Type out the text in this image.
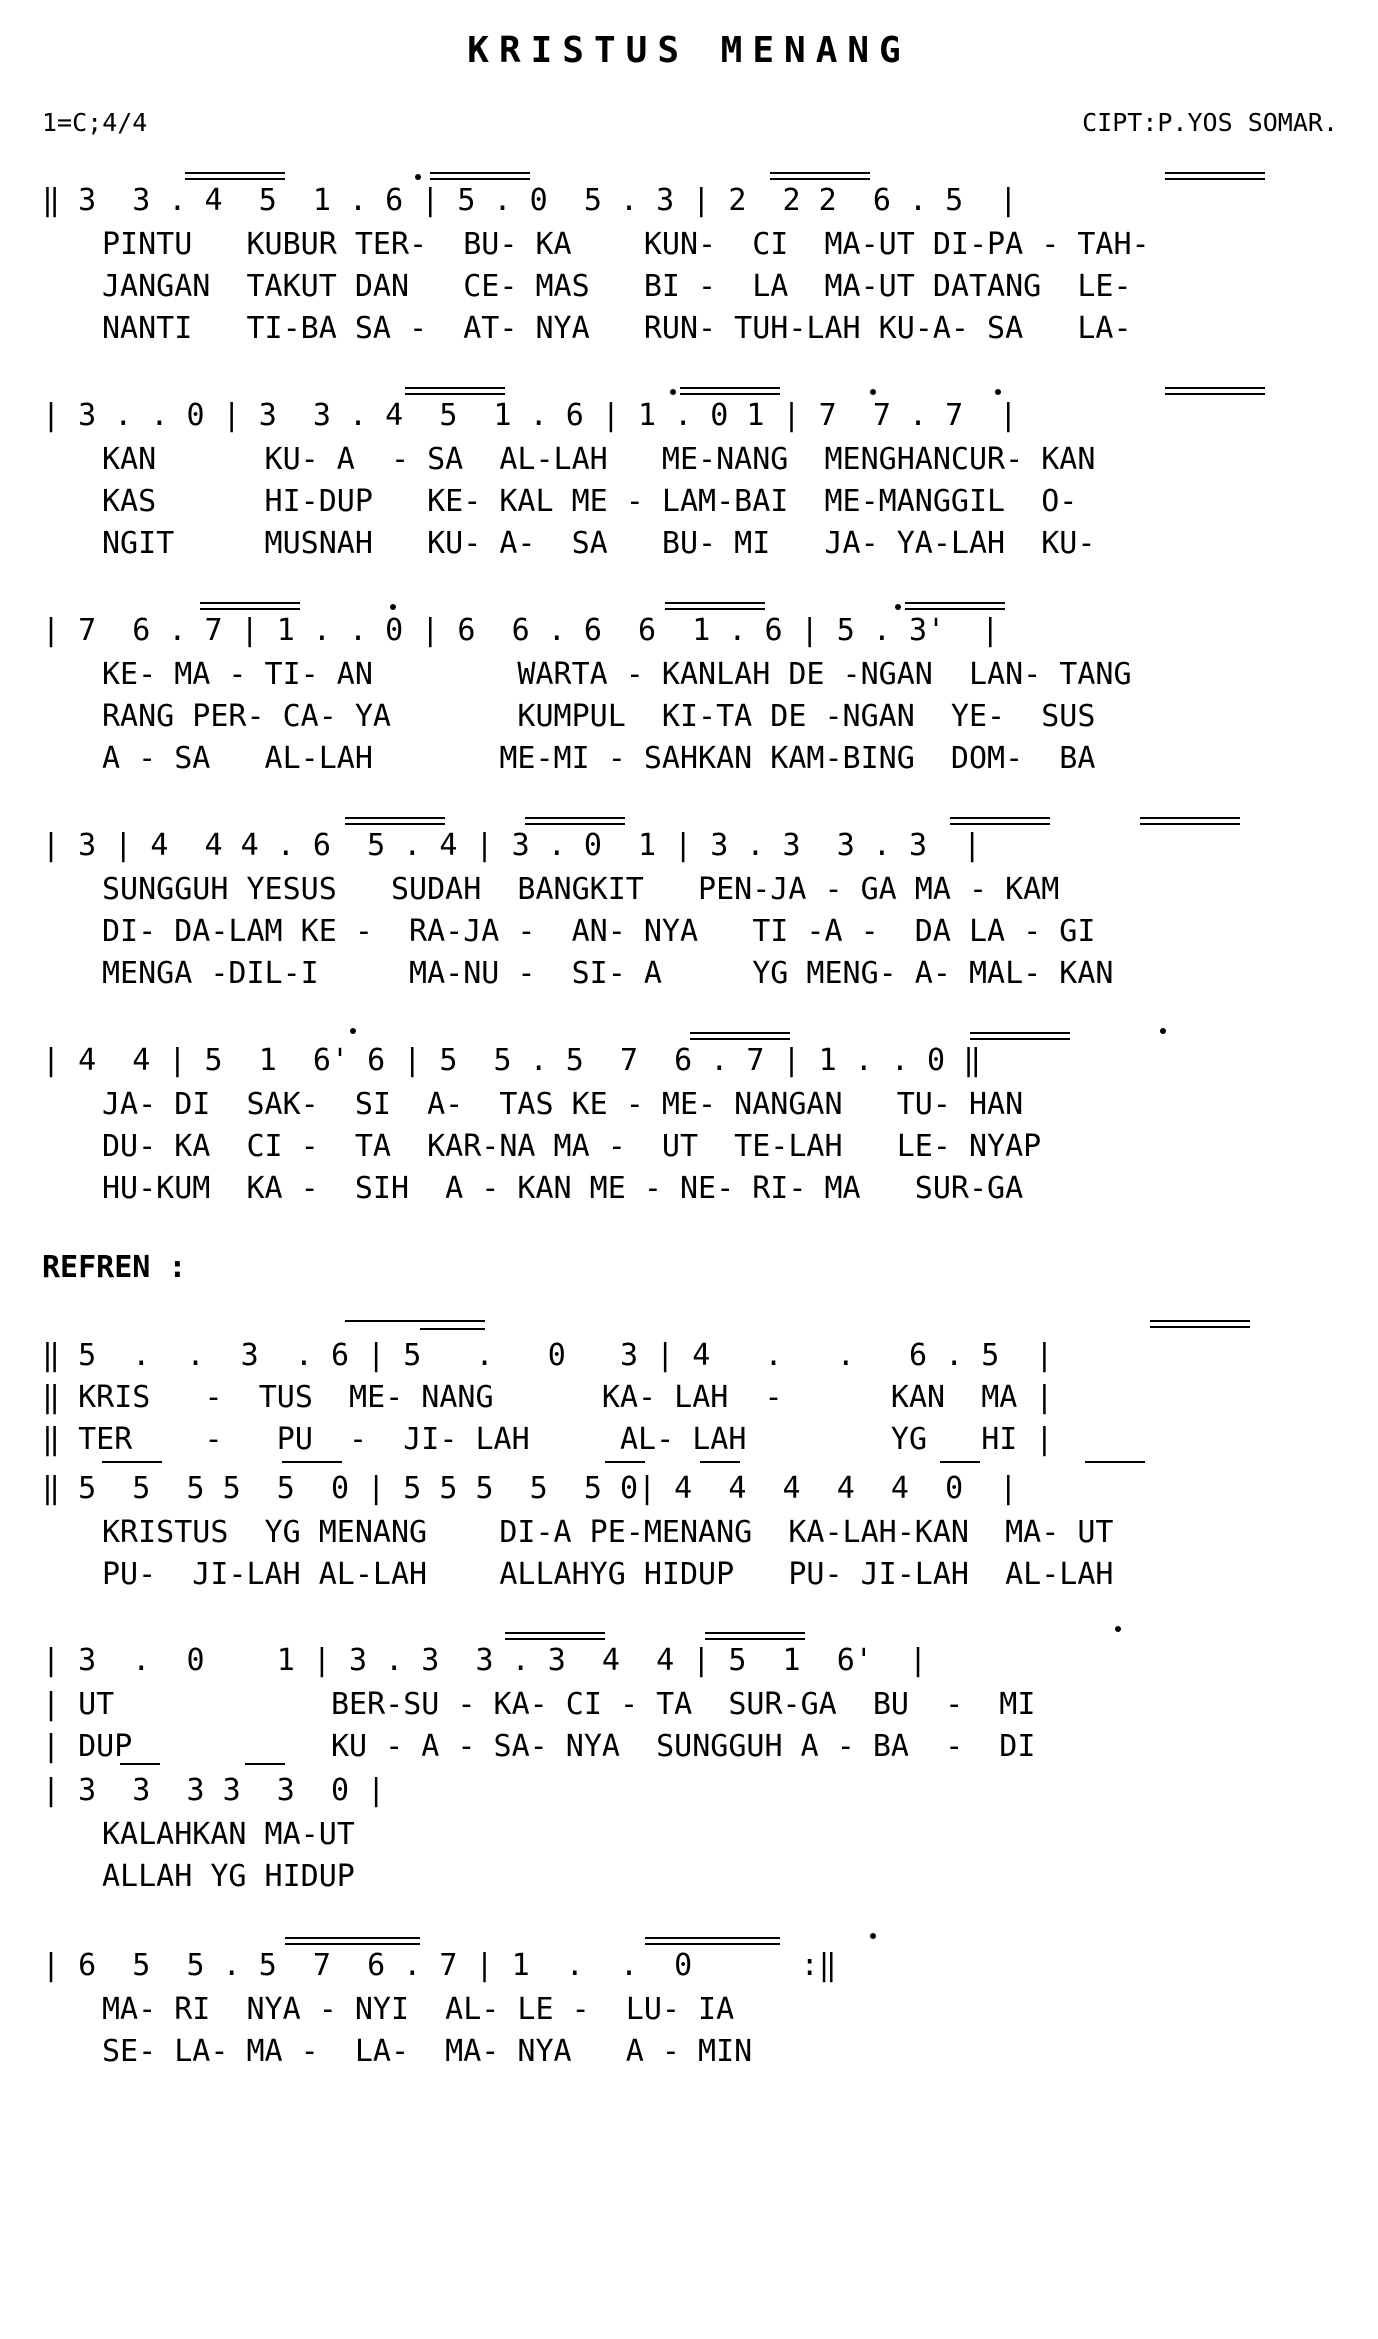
KRISTUS MENANG
1=C;4/4	CIPT:P.YOS SOMAR.
‖ 3  3 . 4  5  1 . 6 | 5 . 0  5 . 3 | 2  2 2  6 . 5  |
PINTU   KUBUR TER-  BU- KA    KUN-  CI  MA-UT DI-PA - TAH-
JANGAN  TAKUT DAN   CE- MAS   BI -  LA  MA-UT DATANG  LE-
NANTI   TI-BA SA -  AT- NYA   RUN- TUH-LAH KU-A- SA   LA-
| 3 . . 0 | 3  3 . 4  5  1 . 6 | 1 . 0 1 | 7  7 . 7  |
KAN      KU- A  - SA  AL-LAH   ME-NANG  MENGHANCUR- KAN
KAS      HI-DUP   KE- KAL ME - LAM-BAI  ME-MANGGIL  O-
NGIT     MUSNAH   KU- A-  SA   BU- MI   JA- YA-LAH  KU-
| 7  6 . 7 | 1 . . 0 | 6  6 . 6  6  1 . 6 | 5 . 3'  |
KE- MA - TI- AN        WARTA - KANLAH DE -NGAN  LAN- TANG
RANG PER- CA- YA       KUMPUL  KI-TA DE -NGAN  YE-  SUS
A - SA   AL-LAH       ME-MI - SAHKAN KAM-BING  DOM-  BA
| 3 | 4  4 4 . 6  5 . 4 | 3 . 0  1 | 3 . 3  3 . 3  |
SUNGGUH YESUS   SUDAH  BANGKIT   PEN-JA - GA MA - KAM
DI- DA-LAM KE -  RA-JA -  AN- NYA   TI -A -  DA LA - GI
MENGA -DIL-I     MA-NU -  SI- A     YG MENG- A- MAL- KAN
| 4  4 | 5  1  6' 6 | 5  5 . 5  7  6 . 7 | 1 . . 0 ‖
JA- DI  SAK-  SI  A-  TAS KE - ME- NANGAN   TU- HAN
DU- KA  CI -  TA  KAR-NA MA -  UT  TE-LAH   LE- NYAP
HU-KUM  KA -  SIH  A - KAN ME - NE- RI- MA   SUR-GA
REFREN :
‖ 5  .  .  3  . 6 | 5   .   0   3 | 4   .   .   6 . 5  |
‖ KRIS   -  TUS  ME- NANG      KA- LAH  -      KAN  MA |
‖ TER    -   PU  -  JI- LAH     AL- LAH        YG   HI |
‖ 5  5  5 5  5  0 | 5 5 5  5  5 0| 4  4  4  4  4  0  |
KRISTUS  YG MENANG    DI-A PE-MENANG  KA-LAH-KAN  MA- UT
PU-  JI-LAH AL-LAH    ALLAHYG HIDUP   PU- JI-LAH  AL-LAH
| 3  .  0    1 | 3 . 3  3 . 3  4  4 | 5  1  6'  |
| UT            BER-SU - KA- CI - TA  SUR-GA  BU  -  MI
| DUP           KU - A - SA- NYA  SUNGGUH A - BA  -  DI
| 3  3  3 3  3  0 |
KALAHKAN MA-UT
ALLAH YG HIDUP
| 6  5  5 . 5  7  6 . 7 | 1  .  .  0      :‖
MA- RI  NYA - NYI  AL- LE -  LU- IA
SE- LA- MA -  LA-  MA- NYA   A - MIN
